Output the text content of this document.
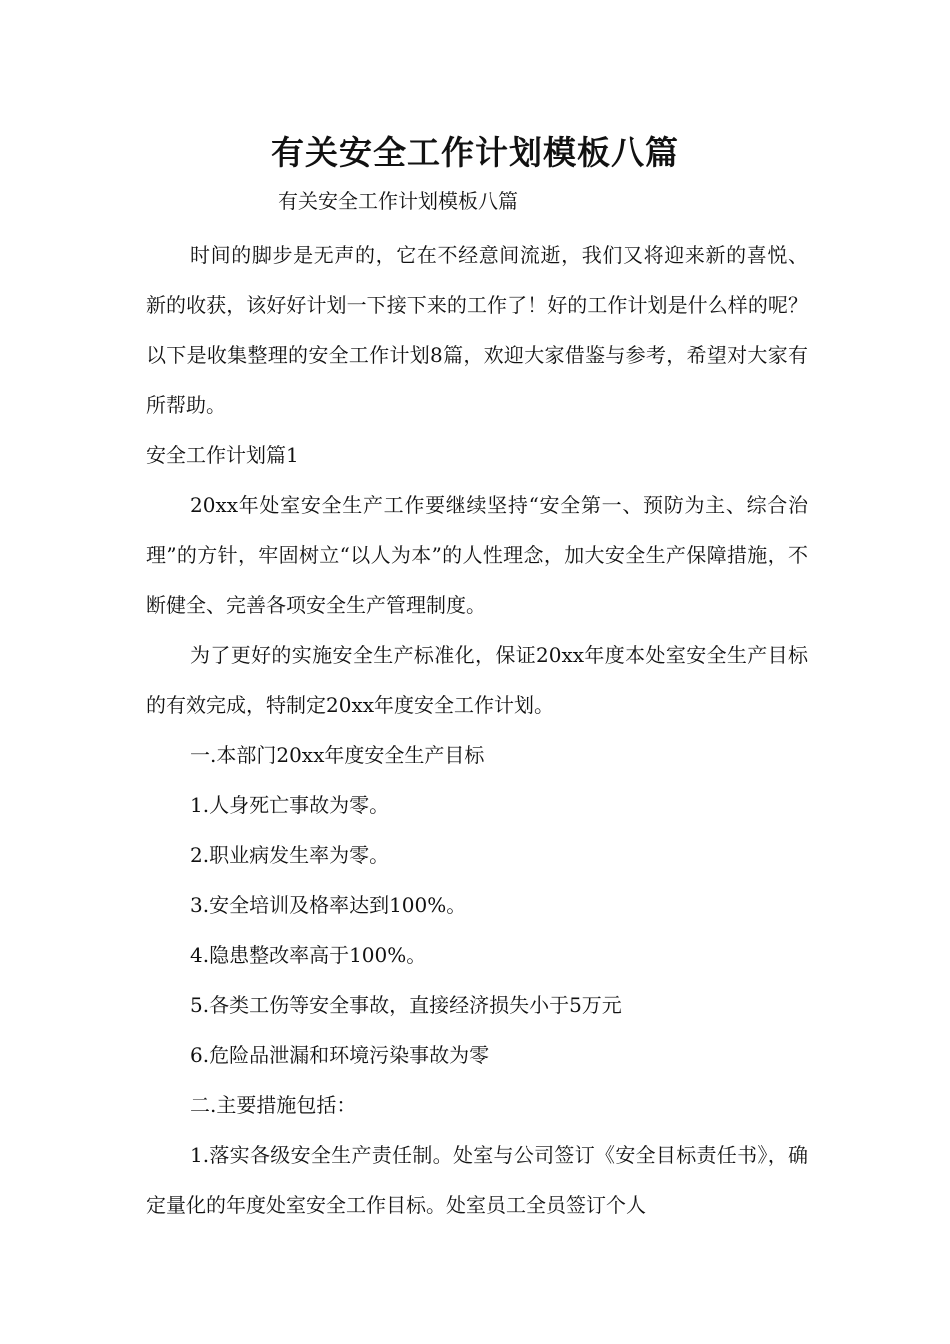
有关安全工作计划模板八篇

有关安全工作计划模板八篇

时间的脚步是无声的，它在不经意间流逝，我们又将迎来新的喜悦、新的收获，该好好计划一下接下来的工作了！好的工作计划是什么样的呢？以下是收集整理的安全工作计划8篇，欢迎大家借鉴与参考，希望对大家有所帮助。

安全工作计划篇1

20xx年处室安全生产工作要继续坚持“安全第一、预防为主、综合治理”的方针，牢固树立“以人为本”的人性理念，加大安全生产保障措施，不断健全、完善各项安全生产管理制度。

为了更好的实施安全生产标准化，保证20xx年度本处室安全生产目标的有效完成，特制定20xx年度安全工作计划。

一.本部门20xx年度安全生产目标

1.人身死亡事故为零。

2.职业病发生率为零。

3.安全培训及格率达到100%。

4.隐患整改率高于100%。

5.各类工伤等安全事故，直接经济损失小于5万元

6.危险品泄漏和环境污染事故为零

二.主要措施包括：

1.落实各级安全生产责任制。处室与公司签订《安全目标责任书》，确定量化的年度处室安全工作目标。处室员工全员签订个人
